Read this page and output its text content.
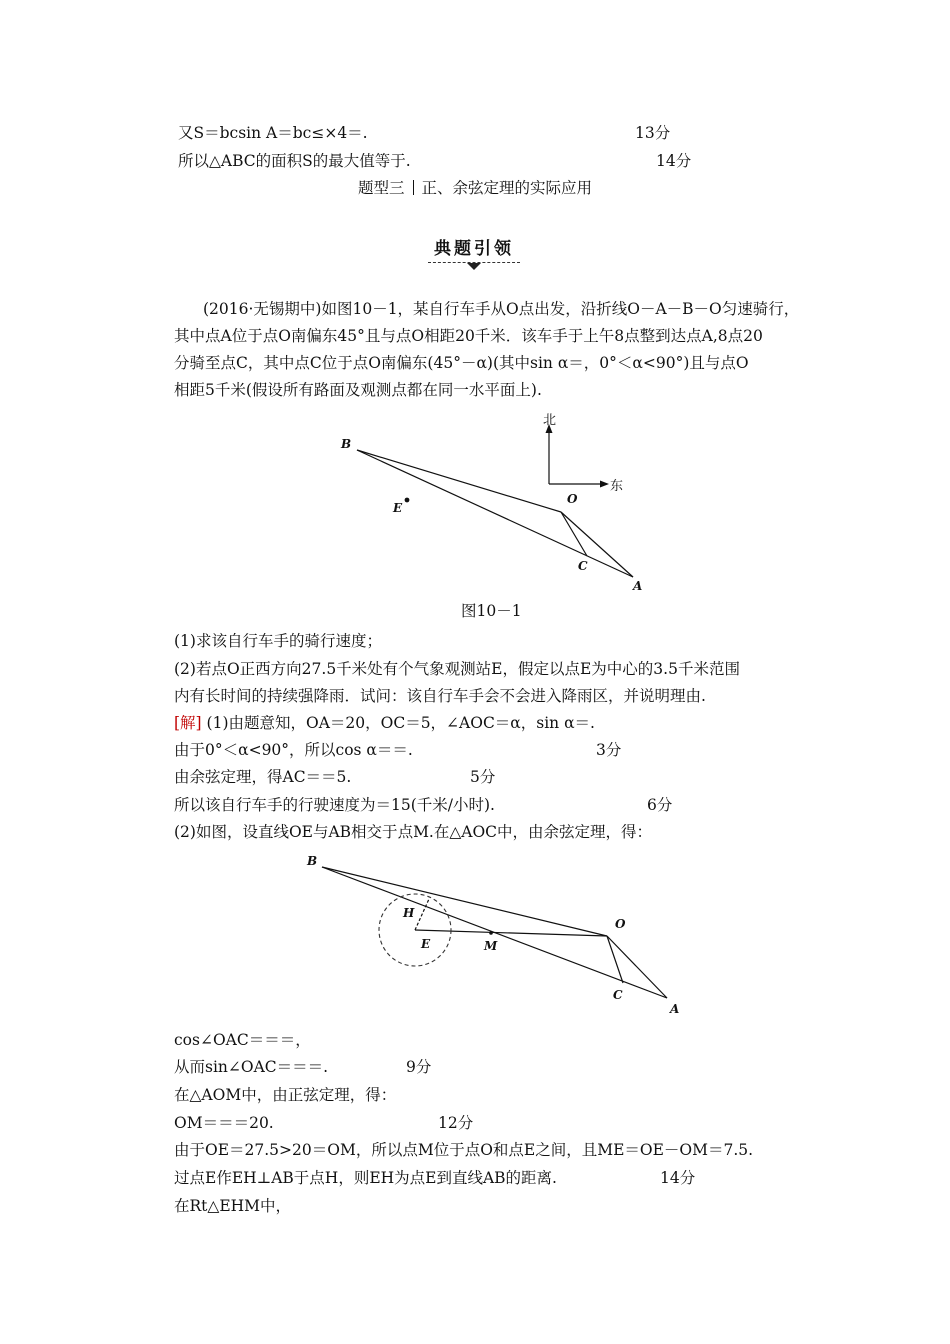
又S＝bcsin A＝bc≤×4＝.	13分
所以△ABC的面积S的最大值等于.	14分
题型三 正、余弦定理的实际应用
典题引领
(2016·无锡期中)如图10－1，某自行车手从O点出发，沿折线O－A－B－O匀速骑行，
其中点A位于点O南偏东45°且与点O相距20千米．该车手于上午8点整到达点A,8点20
分骑至点C，其中点C位于点O南偏东(45°－α)(其中sin α＝，0°＜α<90°)且与点O
相距5千米(假设所有路面及观测点都在同一水平面上).
B
O
E
C
A
北
东
图10－1
(1)求该自行车手的骑行速度；
(2)若点O正西方向27.5千米处有个气象观测站E，假定以点E为中心的3.5千米范围
内有长时间的持续强降雨．试问：该自行车手会不会进入降雨区，并说明理由.
[解] (1)由题意知，OA＝20，OC＝5，∠AOC＝α，sin α＝.
由于0°＜α<90°，所以cos α＝＝.	3分
由余弦定理，得AC＝＝5.	5分
所以该自行车手的行驶速度为＝15(千米/小时).	6分
(2)如图，设直线OE与AB相交于点M.在△AOC中，由余弦定理，得：
B
H
E	M
O
C
A
cos∠OAC＝＝＝，
从而sin∠OAC＝＝＝.	9分
在△AOM中，由正弦定理，得：
OM＝＝＝20.	12分
由于OE＝27.5>20＝OM，所以点M位于点O和点E之间，且ME＝OE－OM＝7.5.
过点E作EH⊥AB于点H，则EH为点E到直线AB的距离.	14分
在Rt△EHM中，
